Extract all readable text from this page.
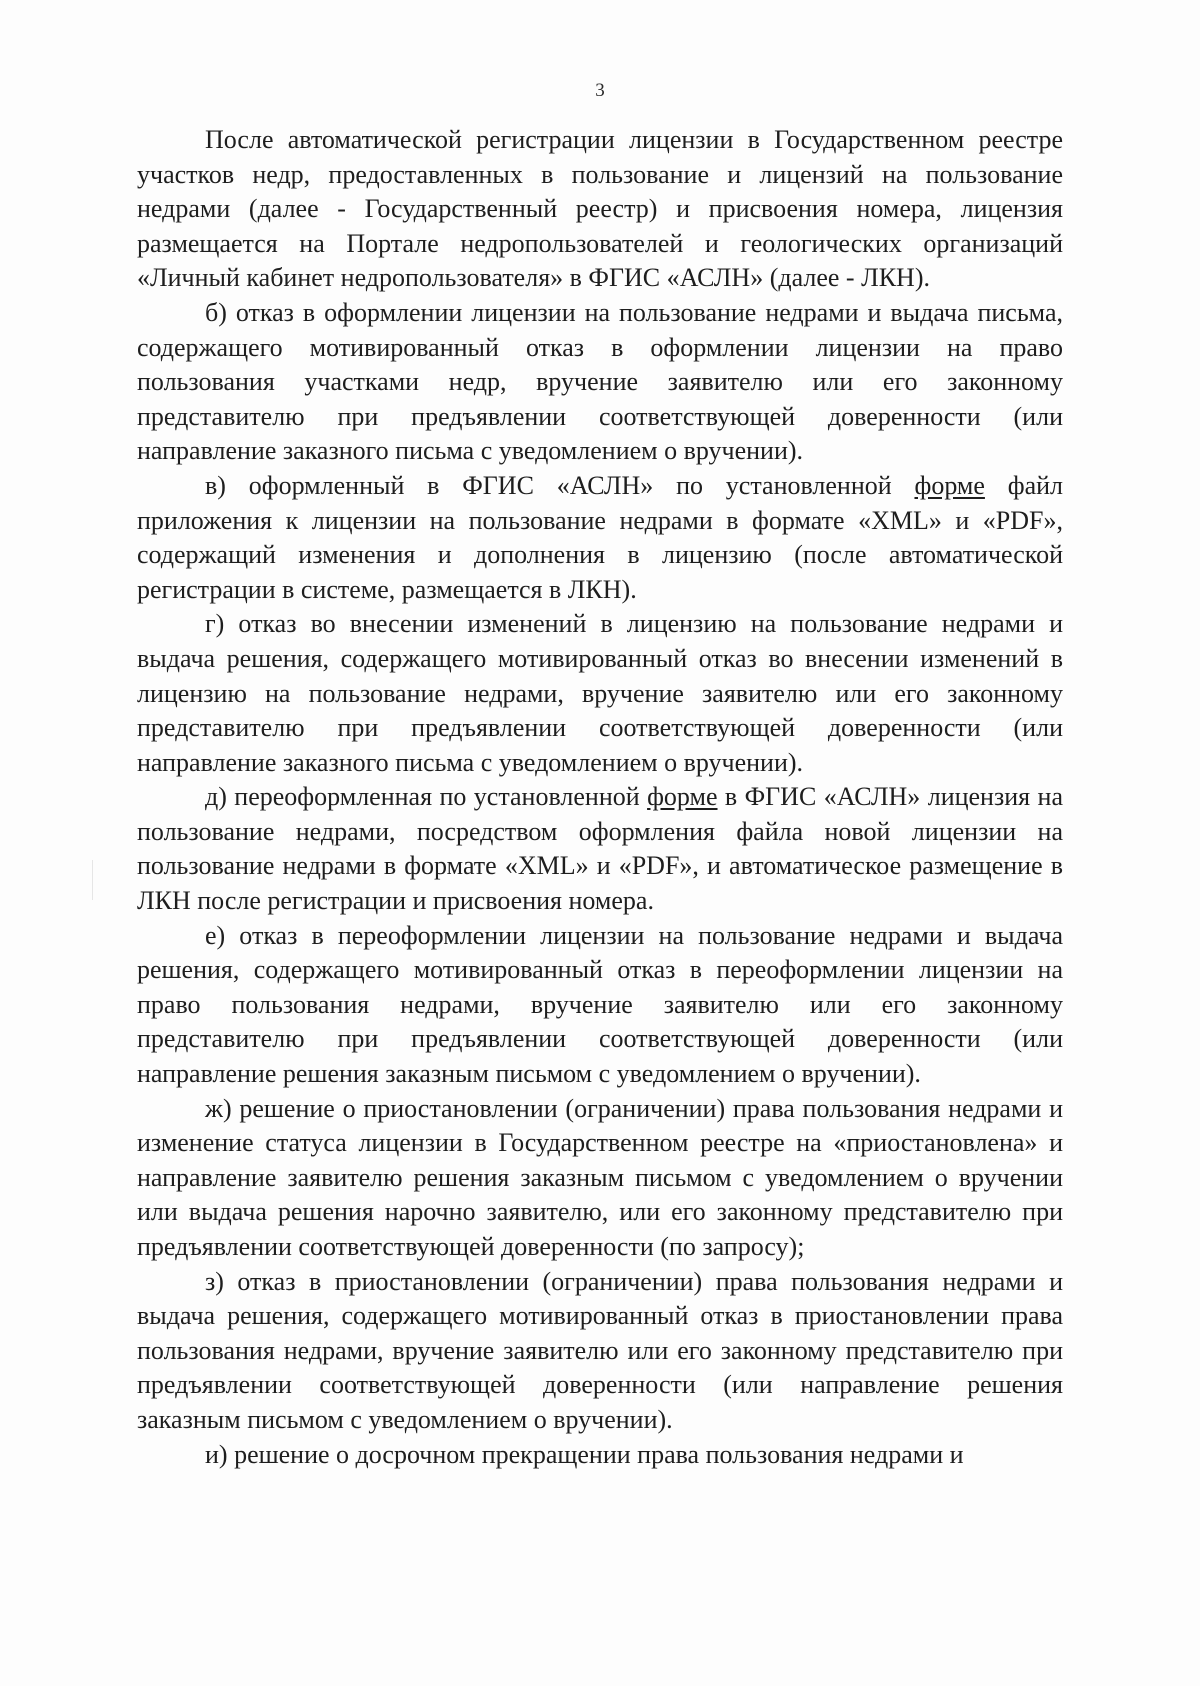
3

После автоматической регистрации лицензии в Государственном реестре участков недр, предоставленных в пользование и лицензий на пользование недрами (далее - Государственный реестр) и присвоения номера, лицензия размещается на Портале недропользователей и геологических организаций «Личный кабинет недропользователя» в ФГИС «АСЛН» (далее - ЛКН).

б) отказ в оформлении лицензии на пользование недрами и выдача письма, содержащего мотивированный отказ в оформлении лицензии на право пользования участками недр, вручение заявителю или его законному представителю при предъявлении соответствующей доверенности (или направление заказного письма с уведомлением о вручении).

в) оформленный в ФГИС «АСЛН» по установленной форме файл приложения к лицензии на пользование недрами в формате «XML» и «PDF», содержащий изменения и дополнения в лицензию (после автоматической регистрации в системе, размещается в ЛКН).

г) отказ во внесении изменений в лицензию на пользование недрами и выдача решения, содержащего мотивированный отказ во внесении изменений в лицензию на пользование недрами, вручение заявителю или его законному представителю при предъявлении соответствующей доверенности (или направление заказного письма с уведомлением о вручении).

д) переоформленная по установленной форме в ФГИС «АСЛН» лицензия на пользование недрами, посредством оформления файла новой лицензии на пользование недрами в формате «XML» и «PDF», и автоматическое размещение в ЛКН после регистрации и присвоения номера.

е) отказ в переоформлении лицензии на пользование недрами и выдача решения, содержащего мотивированный отказ в переоформлении лицензии на право пользования недрами, вручение заявителю или его законному представителю при предъявлении соответствующей доверенности (или направление решения заказным письмом с уведомлением о вручении).

ж) решение о приостановлении (ограничении) права пользования недрами и изменение статуса лицензии в Государственном реестре на «приостановлена» и направление заявителю решения заказным письмом с уведомлением о вручении или выдача решения нарочно заявителю, или его законному представителю при предъявлении соответствующей доверенности (по запросу);

з) отказ в приостановлении (ограничении) права пользования недрами и выдача решения, содержащего мотивированный отказ в приостановлении права пользования недрами, вручение заявителю или его законному представителю при предъявлении соответствующей доверенности (или направление решения заказным письмом с уведомлением о вручении).

и) решение о досрочном прекращении права пользования недрами и
